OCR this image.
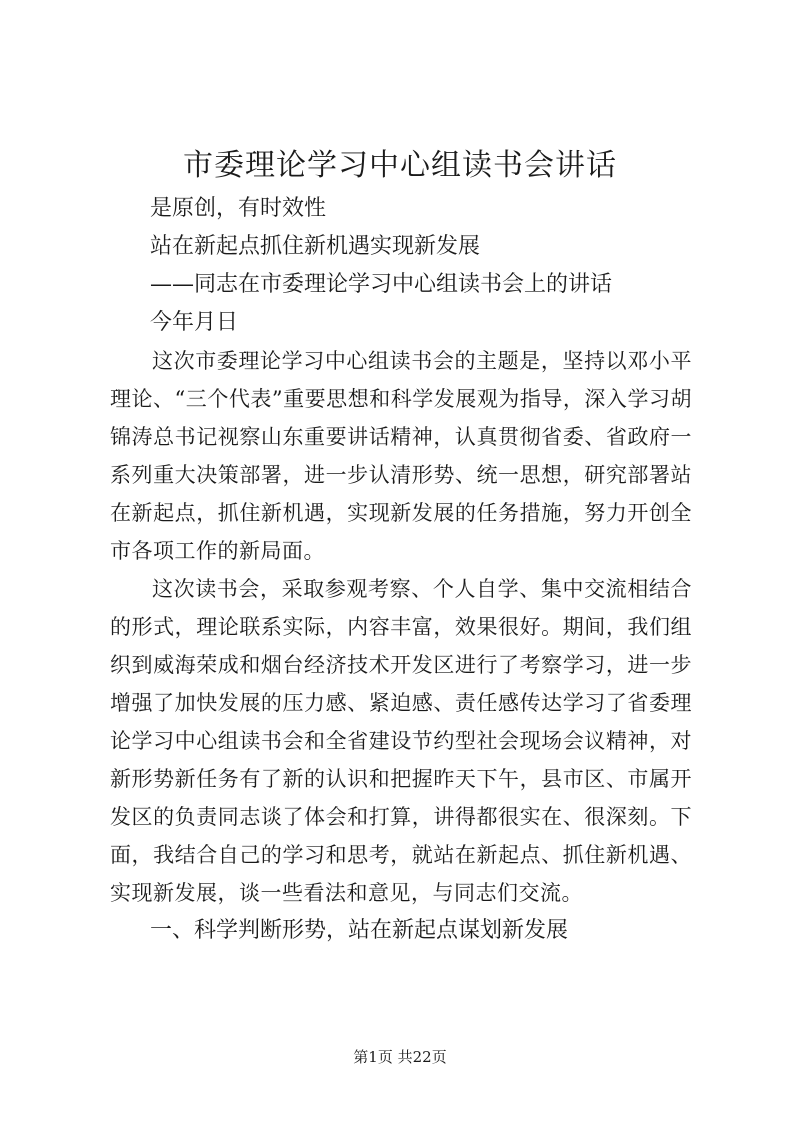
市委理论学习中心组读书会讲话

是原创，有时效性

站在新起点抓住新机遇实现新发展

——同志在市委理论学习中心组读书会上的讲话

今年月日

这次市委理论学习中心组读书会的主题是，坚持以邓小平理论、“三个代表”重要思想和科学发展观为指导，深入学习胡锦涛总书记视察山东重要讲话精神，认真贯彻省委、省政府一系列重大决策部署，进一步认清形势、统一思想，研究部署站在新起点，抓住新机遇，实现新发展的任务措施，努力开创全市各项工作的新局面。

这次读书会，采取参观考察、个人自学、集中交流相结合的形式，理论联系实际，内容丰富，效果很好。期间，我们组织到威海荣成和烟台经济技术开发区进行了考察学习，进一步增强了加快发展的压力感、紧迫感、责任感传达学习了省委理论学习中心组读书会和全省建设节约型社会现场会议精神，对新形势新任务有了新的认识和把握昨天下午，县市区、市属开发区的负责同志谈了体会和打算，讲得都很实在、很深刻。下面，我结合自己的学习和思考，就站在新起点、抓住新机遇、实现新发展，谈一些看法和意见，与同志们交流。

一、科学判断形势，站在新起点谋划新发展

第1页 共22页
